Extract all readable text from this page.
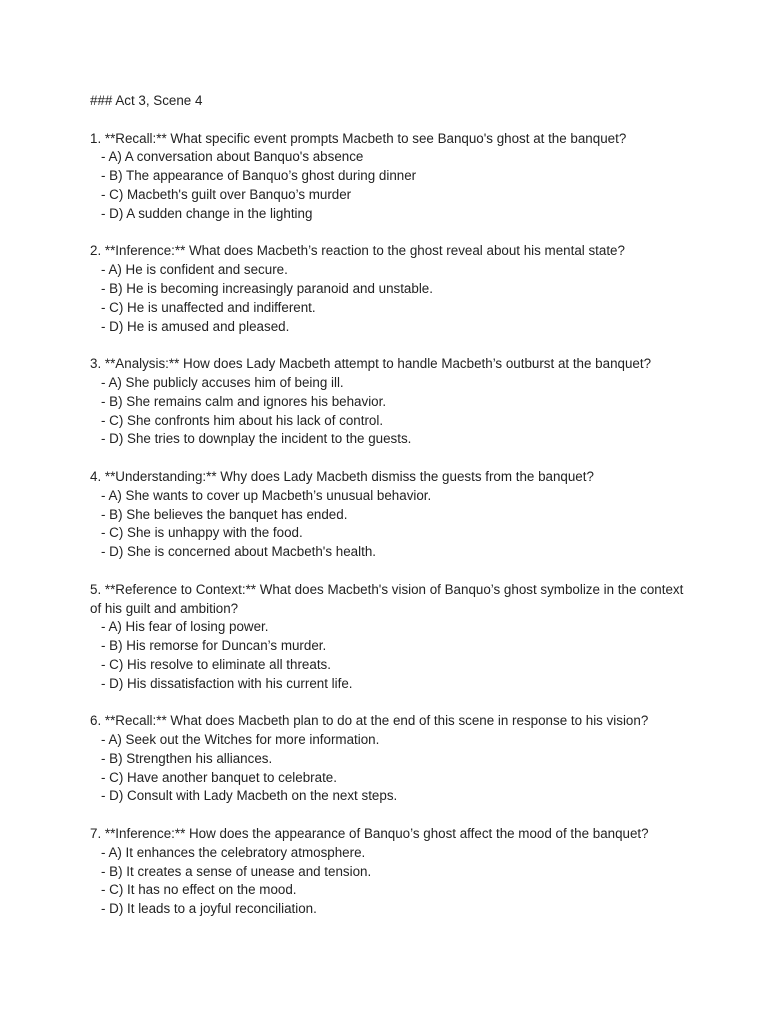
### Act 3, Scene 4

1. **Recall:** What specific event prompts Macbeth to see Banquo's ghost at the banquet?

- A) A conversation about Banquo's absence

- B) The appearance of Banquo’s ghost during dinner

- C) Macbeth's guilt over Banquo’s murder

- D) A sudden change in the lighting

2. **Inference:** What does Macbeth’s reaction to the ghost reveal about his mental state?

- A) He is confident and secure.

- B) He is becoming increasingly paranoid and unstable.

- C) He is unaffected and indifferent.

- D) He is amused and pleased.

3. **Analysis:** How does Lady Macbeth attempt to handle Macbeth’s outburst at the banquet?

- A) She publicly accuses him of being ill.

- B) She remains calm and ignores his behavior.

- C) She confronts him about his lack of control.

- D) She tries to downplay the incident to the guests.

4. **Understanding:** Why does Lady Macbeth dismiss the guests from the banquet?

- A) She wants to cover up Macbeth’s unusual behavior.

- B) She believes the banquet has ended.

- C) She is unhappy with the food.

- D) She is concerned about Macbeth's health.

5. **Reference to Context:** What does Macbeth's vision of Banquo’s ghost symbolize in the context of his guilt and ambition?

- A) His fear of losing power.

- B) His remorse for Duncan’s murder.

- C) His resolve to eliminate all threats.

- D) His dissatisfaction with his current life.

6. **Recall:** What does Macbeth plan to do at the end of this scene in response to his vision?

- A) Seek out the Witches for more information.

- B) Strengthen his alliances.

- C) Have another banquet to celebrate.

- D) Consult with Lady Macbeth on the next steps.

7. **Inference:** How does the appearance of Banquo’s ghost affect the mood of the banquet?

- A) It enhances the celebratory atmosphere.

- B) It creates a sense of unease and tension.

- C) It has no effect on the mood.

- D) It leads to a joyful reconciliation.
